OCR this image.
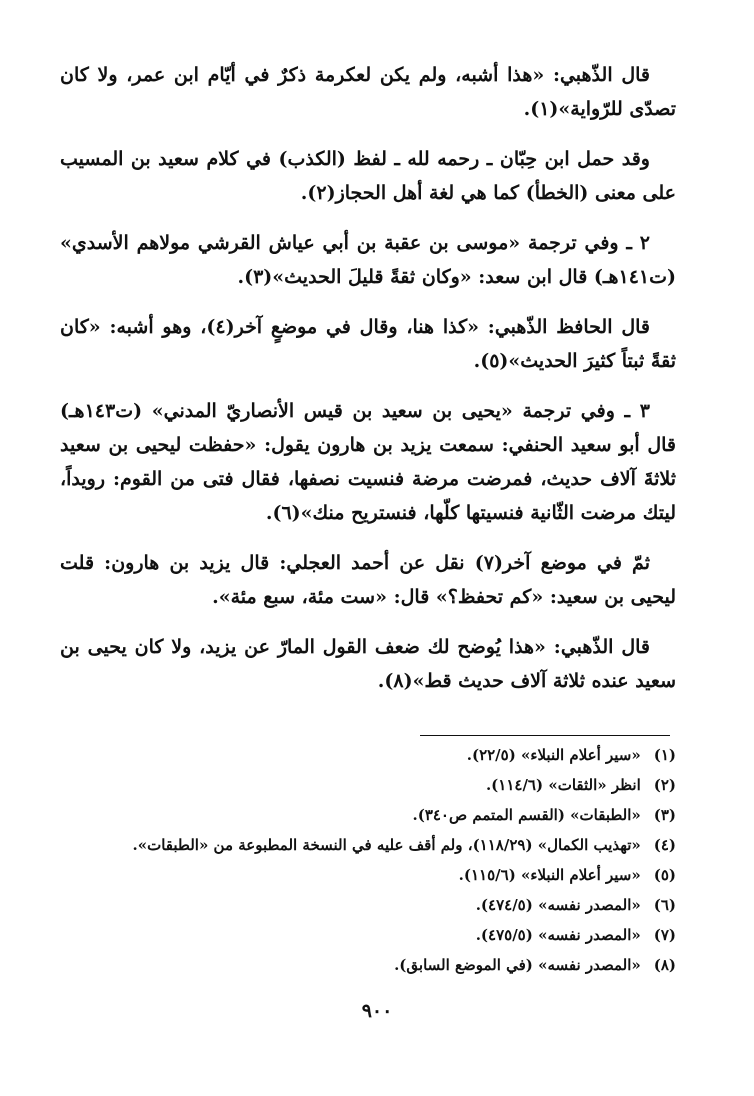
قال الذّهبي: «هذا أشبه، ولم يكن لعكرمة ذكرٌ في أيّام ابن عمر، ولا كان تصدّى للرّواية»(١).

وقد حمل ابن حِبّان ـ رحمه لله ـ لفظ (الكذب) في كلام سعيد بن المسيب على معنى (الخطأ) كما هي لغة أهل الحجاز(٢).

٢ ـ وفي ترجمة «موسى بن عقبة بن أبي عياش القرشي مولاهم الأسدي» (ت١٤١هـ) قال ابن سعد: «وكان ثقةً قليلَ الحديث»(٣).

قال الحافظ الذّهبي: «كذا هنا، وقال في موضعٍ آخر(٤)، وهو أشبه: «كان ثقةً ثبتاً كثيرَ الحديث»(٥).

٣ ـ وفي ترجمة «يحيى بن سعيد بن قيس الأنصاريّ المدني» (ت١٤٣هـ) قال أبو سعيد الحنفي: سمعت يزيد بن هارون يقول: «حفظت ليحيى بن سعيد ثلاثةَ آلاف حديث، فمرضت مرضة فنسيت نصفها، فقال فتى من القوم: رويداً، ليتك مرضت الثّانية فنسيتها كلّها، فنستريح منك»(٦).

ثمّ في موضع آخر(٧) نقل عن أحمد العجلي: قال يزيد بن هارون: قلت ليحيى بن سعيد: «كم تحفظ؟» قال: «ست مئة، سبع مئة».

قال الذّهبي: «هذا يُوضح لك ضعف القول المارّ عن يزيد، ولا كان يحيى بن سعيد عنده ثلاثة آلاف حديث قط»(٨).

(١) «سير أعلام النبلاء» (٢٢/٥).
(٢) انظر «الثقات» (١١٤/٦).
(٣) «الطبقات» (القسم المتمم ص٣٤٠).
(٤) «تهذيب الكمال» (١١٨/٢٩)، ولم أقف عليه في النسخة المطبوعة من «الطبقات».
(٥) «سير أعلام النبلاء» (١١٥/٦).
(٦) «المصدر نفسه» (٤٧٤/٥).
(٧) «المصدر نفسه» (٤٧٥/٥).
(٨) «المصدر نفسه» (في الموضع السابق).
٩٠٠
